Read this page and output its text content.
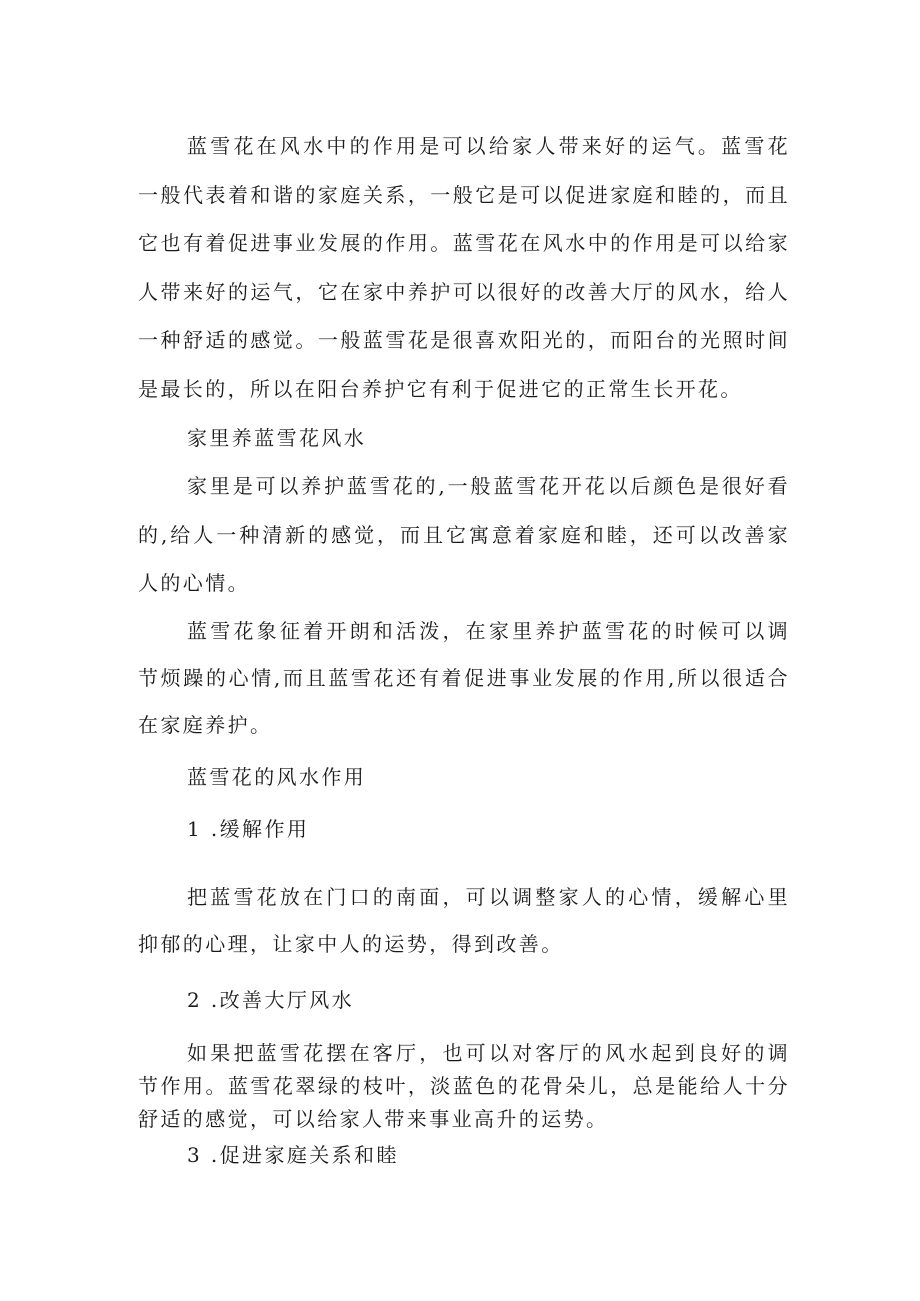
蓝雪花在风水中的作用是可以给家人带来好的运气。蓝雪花一般代表着和谐的家庭关系，一般它是可以促进家庭和睦的，而且它也有着促进事业发展的作用。蓝雪花在风水中的作用是可以给家人带来好的运气，它在家中养护可以很好的改善大厅的风水，给人一种舒适的感觉。一般蓝雪花是很喜欢阳光的，而阳台的光照时间是最长的，所以在阳台养护它有利于促进它的正常生长开花。

家里养蓝雪花风水

家里是可以养护蓝雪花的,一般蓝雪花开花以后颜色是很好看的,给人一种清新的感觉，而且它寓意着家庭和睦，还可以改善家人的心情。

蓝雪花象征着开朗和活泼，在家里养护蓝雪花的时候可以调节烦躁的心情,而且蓝雪花还有着促进事业发展的作用,所以很适合在家庭养护。

蓝雪花的风水作用

1 .缓解作用

把蓝雪花放在门口的南面，可以调整家人的心情，缓解心里抑郁的心理，让家中人的运势，得到改善。

2 .改善大厅风水

如果把蓝雪花摆在客厅，也可以对客厅的风水起到良好的调节作用。蓝雪花翠绿的枝叶，淡蓝色的花骨朵儿，总是能给人十分舒适的感觉，可以给家人带来事业高升的运势。

3 .促进家庭关系和睦
